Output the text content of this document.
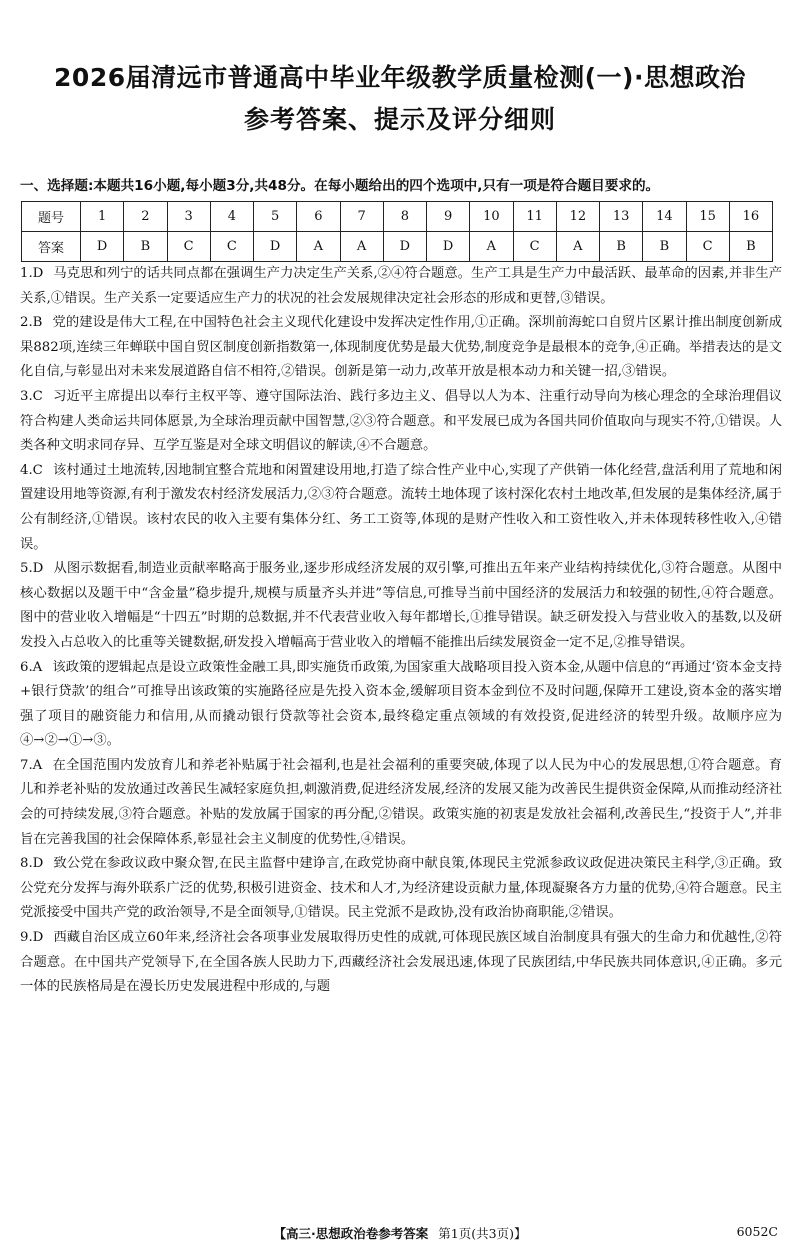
2026届清远市普通高中毕业年级教学质量检测(一)·思想政治
参考答案、提示及评分细则
一、选择题:本题共16小题,每小题3分,共48分。在每小题给出的四个选项中,只有一项是符合题目要求的。
题号	1	2	3	4	5	6	7	8	9	10	11	12	13	14	15	16
答案	D	B	C	C	D	A	A	D	D	A	C	A	B	B	C	B

1.D 马克思和列宁的话共同点都在强调生产力决定生产关系,②④符合题意。生产工具是生产力中最活跃、最革命的因素,并非生产关系,①错误。生产关系一定要适应生产力的状况的社会发展规律决定社会形态的形成和更替,③错误。

2.B 党的建设是伟大工程,在中国特色社会主义现代化建设中发挥决定性作用,①正确。深圳前海蛇口自贸片区累计推出制度创新成果882项,连续三年蝉联中国自贸区制度创新指数第一,体现制度优势是最大优势,制度竞争是最根本的竞争,④正确。举措表达的是文化自信,与彰显出对未来发展道路自信不相符,②错误。创新是第一动力,改革开放是根本动力和关键一招,③错误。

3.C 习近平主席提出以奉行主权平等、遵守国际法治、践行多边主义、倡导以人为本、注重行动导向为核心理念的全球治理倡议符合构建人类命运共同体愿景,为全球治理贡献中国智慧,②③符合题意。和平发展已成为各国共同价值取向与现实不符,①错误。人类各种文明求同存异、互学互鉴是对全球文明倡议的解读,④不合题意。

4.C 该村通过土地流转,因地制宜整合荒地和闲置建设用地,打造了综合性产业中心,实现了产供销一体化经营,盘活利用了荒地和闲置建设用地等资源,有利于激发农村经济发展活力,②③符合题意。流转土地体现了该村深化农村土地改革,但发展的是集体经济,属于公有制经济,①错误。该村农民的收入主要有集体分红、务工工资等,体现的是财产性收入和工资性收入,并未体现转移性收入,④错误。

5.D 从图示数据看,制造业贡献率略高于服务业,逐步形成经济发展的双引擎,可推出五年来产业结构持续优化,③符合题意。从图中核心数据以及题干中“含金量”稳步提升,规模与质量齐头并进”等信息,可推导当前中国经济的发展活力和较强的韧性,④符合题意。图中的营业收入增幅是“十四五”时期的总数据,并不代表营业收入每年都增长,①推导错误。缺乏研发投入与营业收入的基数,以及研发投入占总收入的比重等关键数据,研发投入增幅高于营业收入的增幅不能推出后续发展资金一定不足,②推导错误。

6.A 该政策的逻辑起点是设立政策性金融工具,即实施货币政策,为国家重大战略项目投入资本金,从题中信息的“再通过‘资本金支持+银行贷款’的组合”可推导出该政策的实施路径应是先投入资本金,缓解项目资本金到位不及时问题,保障开工建设,资本金的落实增强了项目的融资能力和信用,从而撬动银行贷款等社会资本,最终稳定重点领域的有效投资,促进经济的转型升级。故顺序应为④→②→①→③。

7.A 在全国范围内发放育儿和养老补贴属于社会福利,也是社会福利的重要突破,体现了以人民为中心的发展思想,①符合题意。育儿和养老补贴的发放通过改善民生减轻家庭负担,刺激消费,促进经济发展,经济的发展又能为改善民生提供资金保障,从而推动经济社会的可持续发展,③符合题意。补贴的发放属于国家的再分配,②错误。政策实施的初衷是发放社会福利,改善民生,“投资于人”,并非旨在完善我国的社会保障体系,彰显社会主义制度的优势性,④错误。

8.D 致公党在参政议政中聚众智,在民主监督中建诤言,在政党协商中献良策,体现民主党派参政议政促进决策民主科学,③正确。致公党充分发挥与海外联系广泛的优势,积极引进资金、技术和人才,为经济建设贡献力量,体现凝聚各方力量的优势,④符合题意。民主党派接受中国共产党的政治领导,不是全面领导,①错误。民主党派不是政协,没有政治协商职能,②错误。

9.D 西藏自治区成立60年来,经济社会各项事业发展取得历史性的成就,可体现民族区域自治制度具有强大的生命力和优越性,②符合题意。在中国共产党领导下,在全国各族人民助力下,西藏经济社会发展迅速,体现了民族团结,中华民族共同体意识,④正确。多元一体的民族格局是在漫长历史发展进程中形成的,与题

【高三·思想政治卷参考答案 第1页(共3页)】	6052C
